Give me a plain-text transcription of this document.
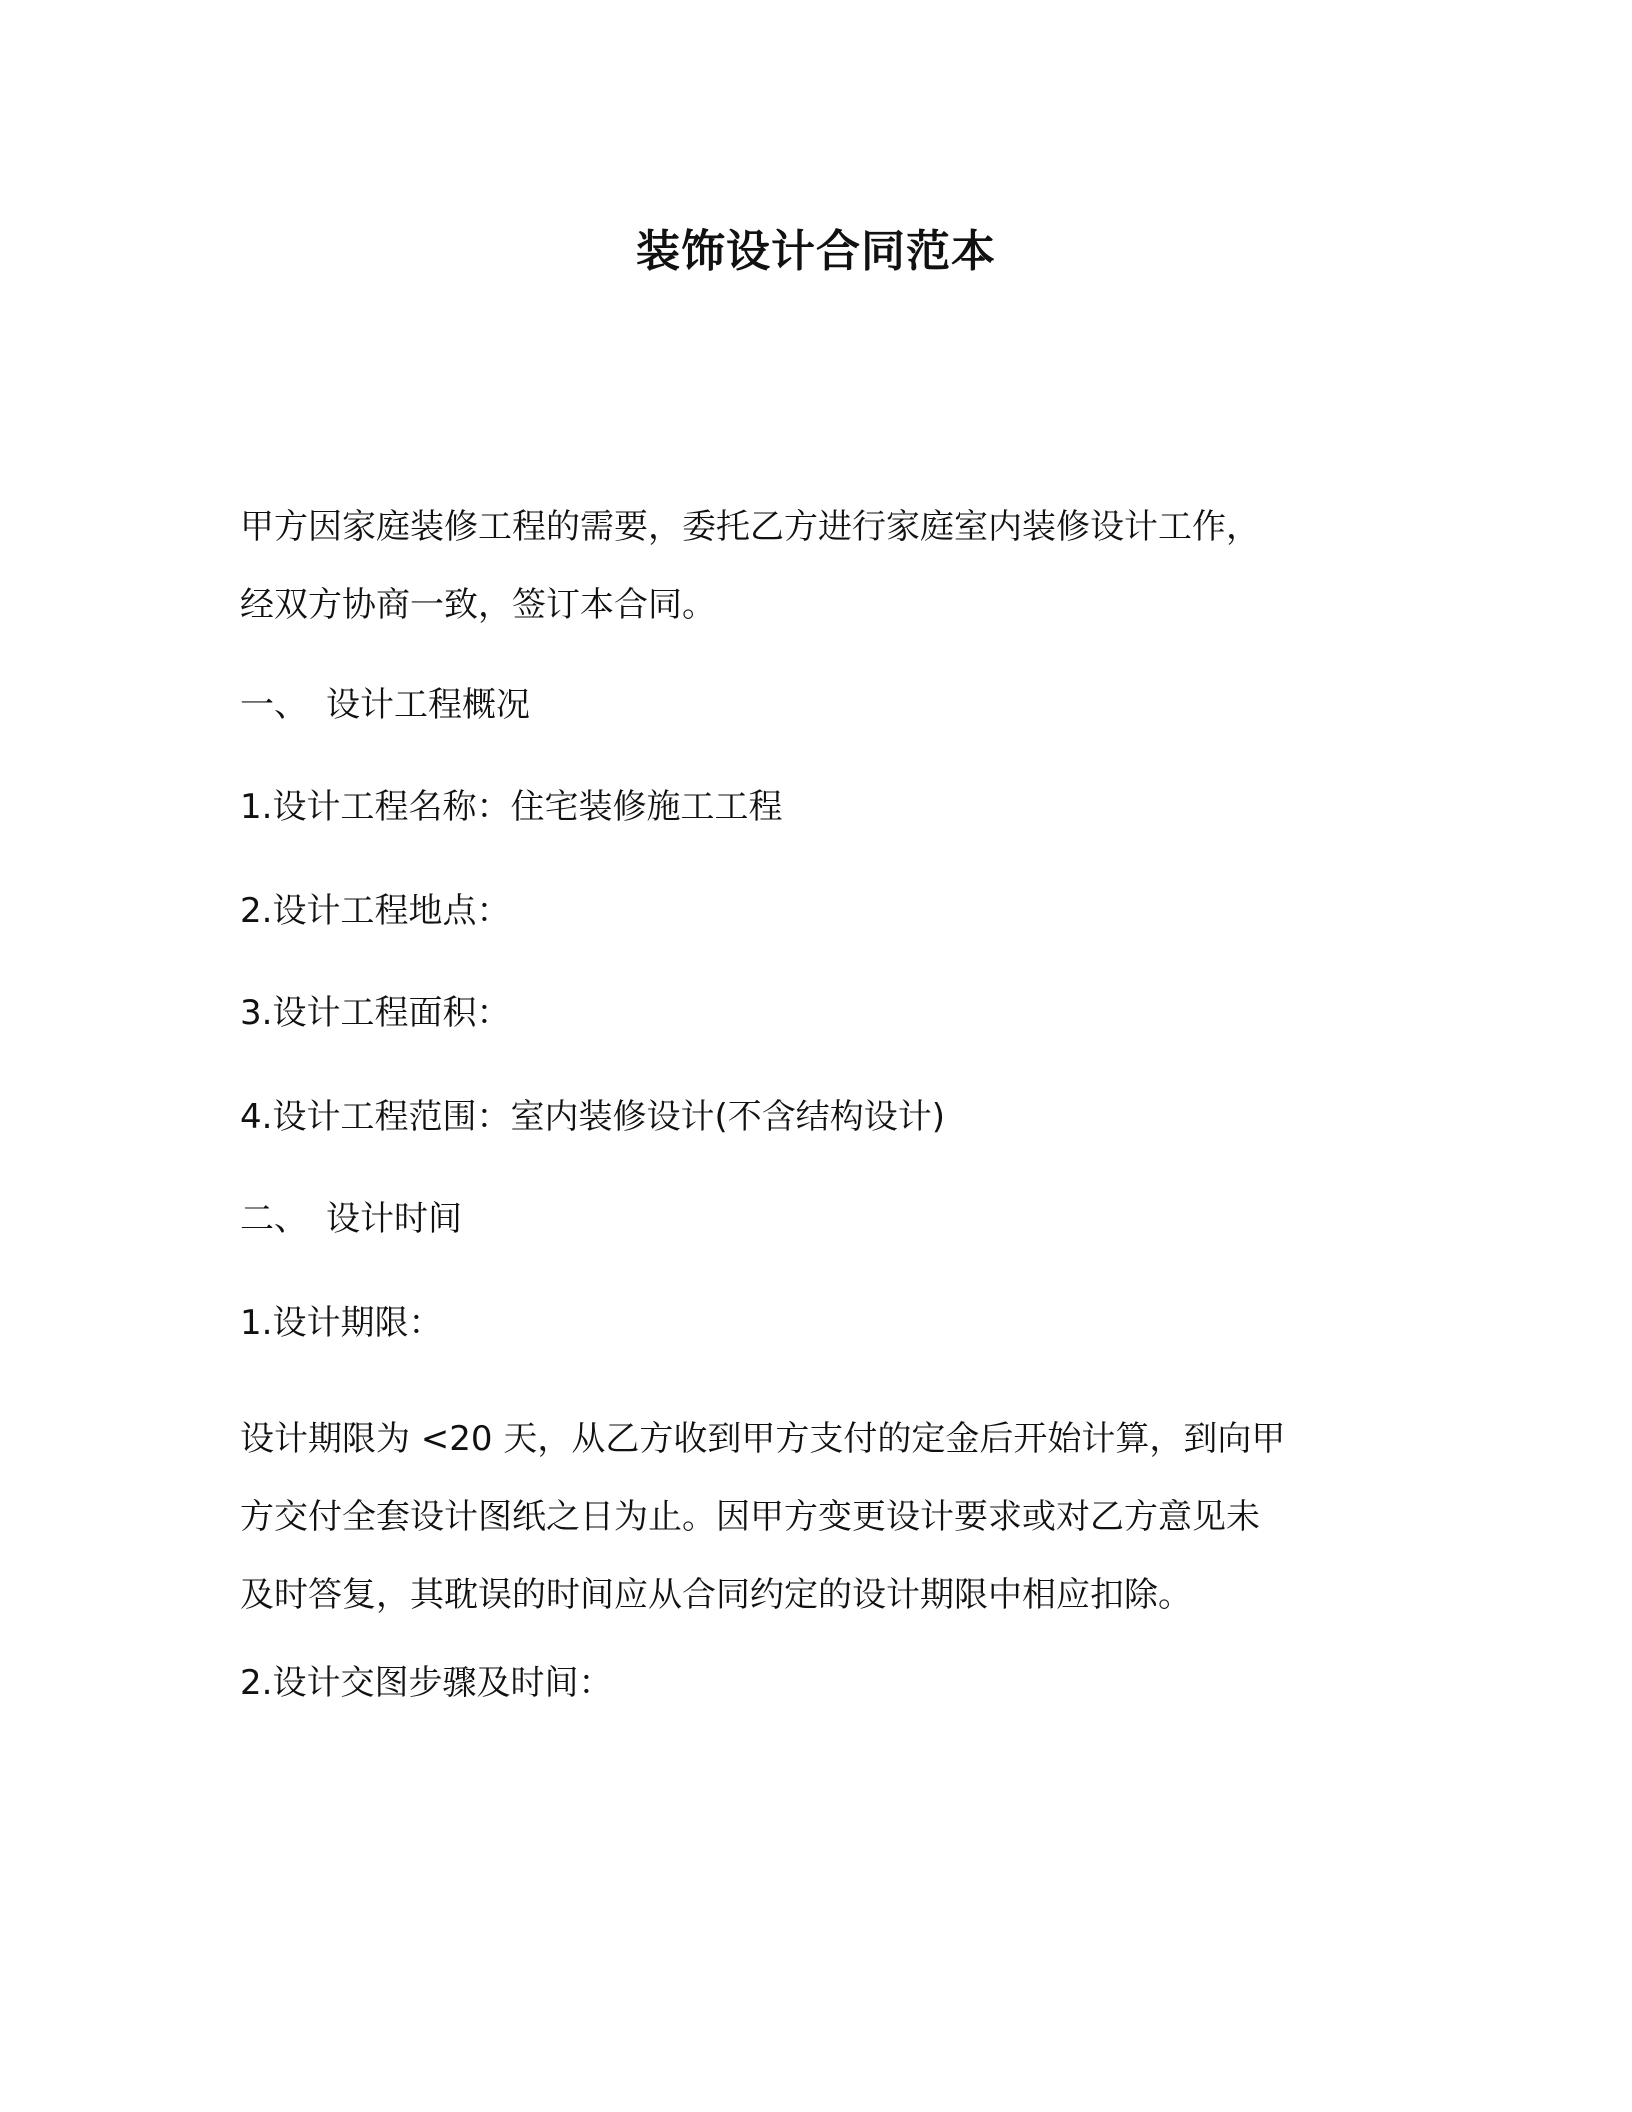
装饰设计合同范本

甲方因家庭装修工程的需要，委托乙方进行家庭室内装修设计工作，
经双方协商一致，签订本合同。

一、 设计工程概况

1.设计工程名称：住宅装修施工工程

2.设计工程地点：

3.设计工程面积：

4.设计工程范围：室内装修设计(不含结构设计)

二、 设计时间

1.设计期限：

设计期限为 <20 天，从乙方收到甲方支付的定金后开始计算，到向甲
方交付全套设计图纸之日为止。因甲方变更设计要求或对乙方意见未
及时答复，其耽误的时间应从合同约定的设计期限中相应扣除。

2.设计交图步骤及时间：
